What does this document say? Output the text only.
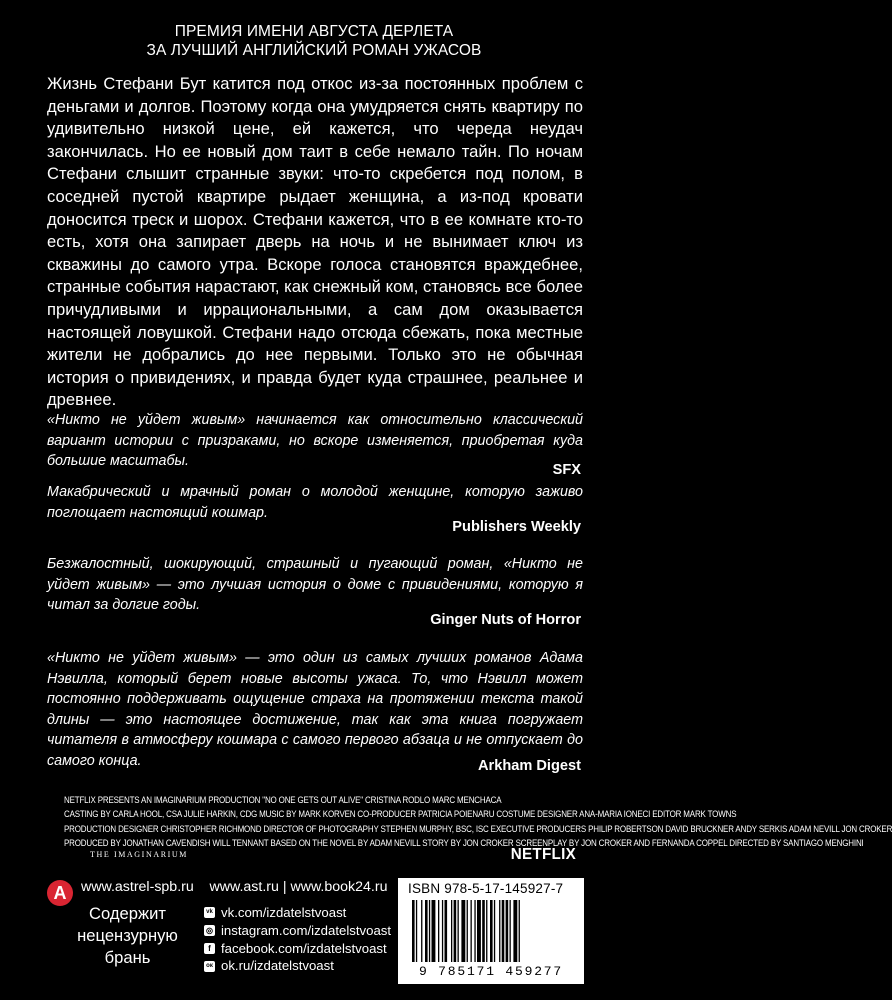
ПРЕМИЯ ИМЕНИ АВГУСТА ДЕРЛЕТА
ЗА ЛУЧШИЙ АНГЛИЙСКИЙ РОМАН УЖАСОВ
Жизнь Стефани Бут катится под откос из-за постоянных проблем с деньгами и долгов. Поэтому когда она умудряется снять квартиру по удивительно низкой цене, ей кажется, что череда неудач закончилась. Но ее новый дом таит в себе немало тайн. По ночам Стефани слышит странные звуки: что-то скребется под полом, в соседней пустой квартире рыдает женщина, а из-под кровати доносится треск и шорох. Стефани кажется, что в ее комнате кто-то есть, хотя она запирает дверь на ночь и не вынимает ключ из скважины до самого утра. Вскоре голоса становятся враждебнее, странные события нарастают, как снежный ком, становясь все более причудливыми и иррациональными, а сам дом оказывается настоящей ловушкой. Стефани надо отсюда сбежать, пока местные жители не добрались до нее первыми. Только это не обычная история о привидениях, и правда будет куда страшнее, реальнее и древнее.
«Никто не уйдет живым» начинается как относительно классический вариант истории с призраками, но вскоре изменяется, приобретая куда большие масштабы.
SFX
Макабрический и мрачный роман о молодой женщине, которую заживо поглощает настоящий кошмар.
Publishers Weekly
Безжалостный, шокирующий, страшный и пугающий роман, «Никто не уйдет живым» — это лучшая история о доме с привидениями, которую я читал за долгие годы.
Ginger Nuts of Horror
«Никто не уйдет живым» — это один из самых лучших романов Адама Нэвилла, который берет новые высоты ужаса. То, что Нэвилл может постоянно поддерживать ощущение страха на протяжении текста такой длины — это настоящее достижение, так как эта книга погружает читателя в атмосферу кошмара с самого первого абзаца и не отпускает до самого конца.	Arkham Digest
NETFLIX PRESENTS AN IMAGINARIUM PRODUCTION "NO ONE GETS OUT ALIVE" CRISTINA RODLO MARC MENCHACA
CASTING BY CARLA HOOL, CSA JULIE HARKIN, CDG MUSIC BY MARK KORVEN CO-PRODUCER PATRICIA POIENARU COSTUME DESIGNER ANA-MARIA IONECI EDITOR MARK TOWNS
PRODUCTION DESIGNER CHRISTOPHER RICHMOND DIRECTOR OF PHOTOGRAPHY STEPHEN MURPHY, BSC, ISC EXECUTIVE PRODUCERS PHILIP ROBERTSON DAVID BRUCKNER ANDY SERKIS ADAM NEVILL JON CROKER
PRODUCED BY JONATHAN CAVENDISH WILL TENNANT BASED ON THE NOVEL BY ADAM NEVILL STORY BY JON CROKER SCREENPLAY BY JON CROKER AND FERNANDA COPPEL DIRECTED BY SANTIAGO MENGHINI
THE IMAGINARIUM	NETFLIX
А	www.astrel-spb.ru    www.ast.ru | www.book24.ru
Содержит нецензурную брань
vk vk.com/izdatelstvoast
◎ instagram.com/izdatelstvoast
f facebook.com/izdatelstvoast
ок ok.ru/izdatelstvoast
ISBN 978-5-17-145927-7
9 785171 459277
